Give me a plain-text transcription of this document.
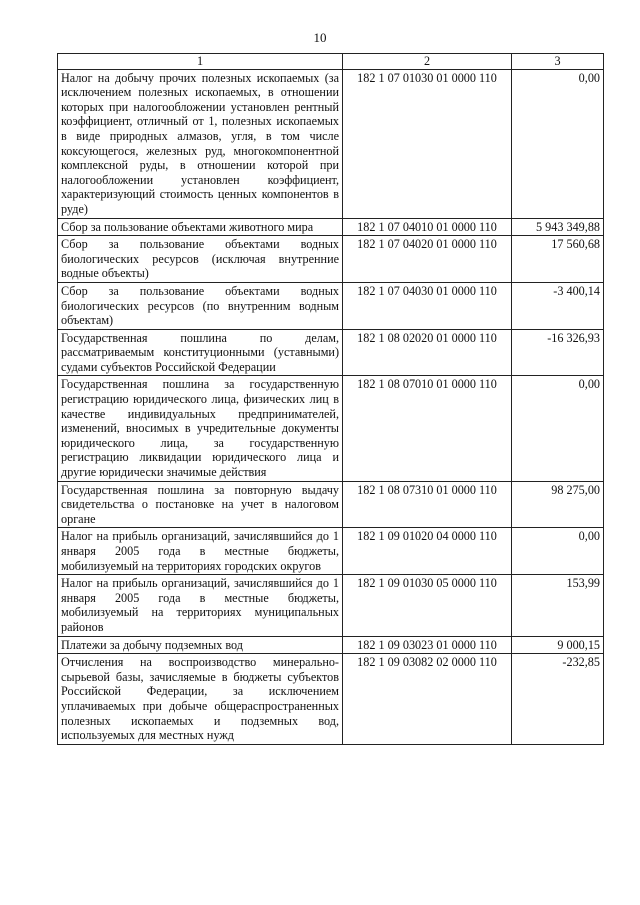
10
1	2	3
Налог на добычу прочих полезных ископаемых (за исключением полезных ископаемых, в отношении которых при налогообложении установлен рентный коэффициент, отличный от 1, полезных ископаемых в виде природных алмазов, угля, в том числе коксующегося, железных руд, многокомпонентной комплексной руды, в отношении которой при налогообложении установлен коэффициент, характеризующий стоимость ценных компонентов в руде)	182 1 07 01030 01 0000 110	0,00
Сбор за пользование объектами животного мира	182 1 07 04010 01 0000 110	5 943 349,88
Сбор за пользование объектами водных биологических ресурсов (исключая внутренние водные объекты)	182 1 07 04020 01 0000 110	17 560,68
Сбор за пользование объектами водных биологических ресурсов (по внутренним водным объектам)	182 1 07 04030 01 0000 110	-3 400,14
Государственная пошлина по делам, рассматриваемым конституционными (уставными) судами субъектов Российской Федерации	182 1 08 02020 01 0000 110	-16 326,93
Государственная пошлина за государственную регистрацию юридического лица, физических лиц в качестве индивидуальных предпринимателей, изменений, вносимых в учредительные документы юридического лица, за государственную регистрацию ликвидации юридического лица и другие юридически значимые действия	182 1 08 07010 01 0000 110	0,00
Государственная пошлина за повторную выдачу свидетельства о постановке на учет в налоговом органе	182 1 08 07310 01 0000 110	98 275,00
Налог на прибыль организаций, зачислявшийся до 1 января 2005 года в местные бюджеты, мобилизуемый на территориях городских округов	182 1 09 01020 04 0000 110	0,00
Налог на прибыль организаций, зачислявшийся до 1 января 2005 года в местные бюджеты, мобилизуемый на территориях муниципальных районов	182 1 09 01030 05 0000 110	153,99
Платежи за добычу подземных вод	182 1 09 03023 01 0000 110	9 000,15
Отчисления на воспроизводство минерально-сырьевой базы, зачисляемые в бюджеты субъектов Российской Федерации, за исключением уплачиваемых при добыче общераспространенных полезных ископаемых и подземных вод, используемых для местных нужд	182 1 09 03082 02 0000 110	-232,85
